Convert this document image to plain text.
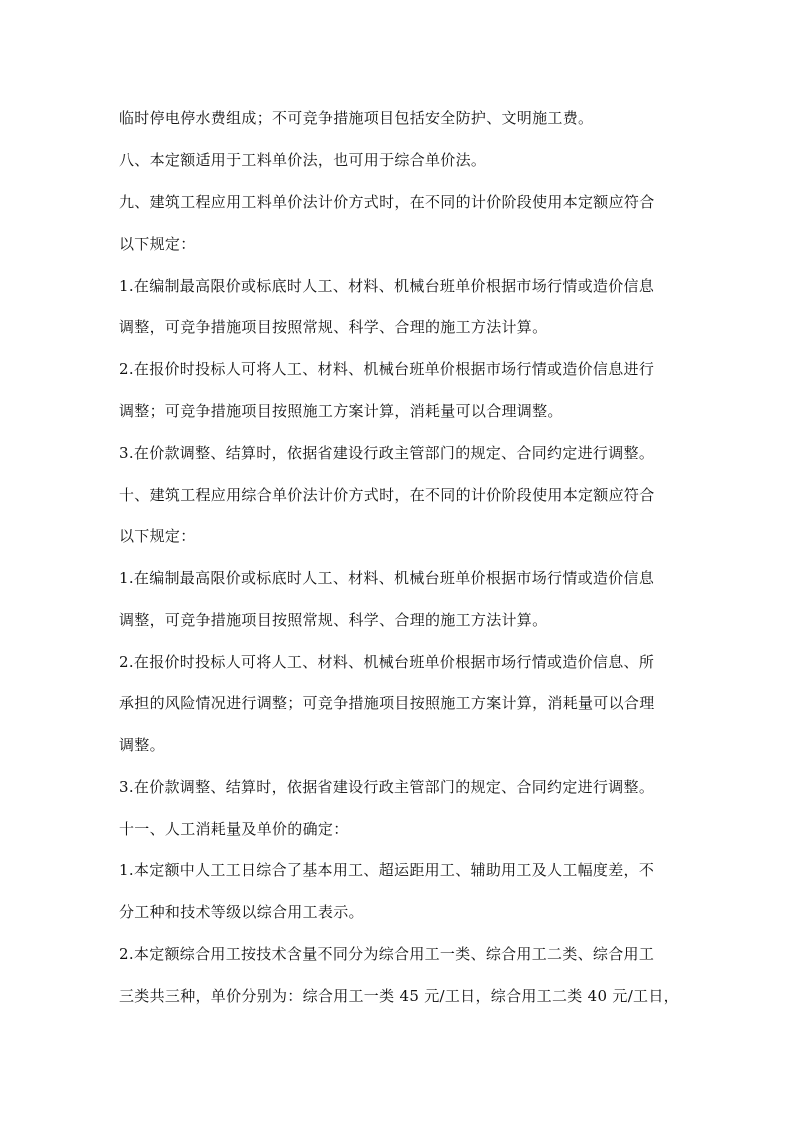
临时停电停水费组成；不可竞争措施项目包括安全防护、文明施工费。
八、本定额适用于工料单价法，也可用于综合单价法。
九、建筑工程应用工料单价法计价方式时，在不同的计价阶段使用本定额应符合
以下规定：
1.在编制最高限价或标底时人工、材料、机械台班单价根据市场行情或造价信息
调整，可竞争措施项目按照常规、科学、合理的施工方法计算。
2.在报价时投标人可将人工、材料、机械台班单价根据市场行情或造价信息进行
调整；可竞争措施项目按照施工方案计算，消耗量可以合理调整。
3.在价款调整、结算时，依据省建设行政主管部门的规定、合同约定进行调整。
十、建筑工程应用综合单价法计价方式时，在不同的计价阶段使用本定额应符合
以下规定：
1.在编制最高限价或标底时人工、材料、机械台班单价根据市场行情或造价信息
调整，可竞争措施项目按照常规、科学、合理的施工方法计算。
2.在报价时投标人可将人工、材料、机械台班单价根据市场行情或造价信息、所
承担的风险情况进行调整；可竞争措施项目按照施工方案计算，消耗量可以合理
调整。
3.在价款调整、结算时，依据省建设行政主管部门的规定、合同约定进行调整。
十一、人工消耗量及单价的确定：
1.本定额中人工工日综合了基本用工、超运距用工、辅助用工及人工幅度差，不
分工种和技术等级以综合用工表示。
2.本定额综合用工按技术含量不同分为综合用工一类、综合用工二类、综合用工
三类共三种，单价分别为：综合用工一类 45 元/工日，综合用工二类 40 元/工日，
